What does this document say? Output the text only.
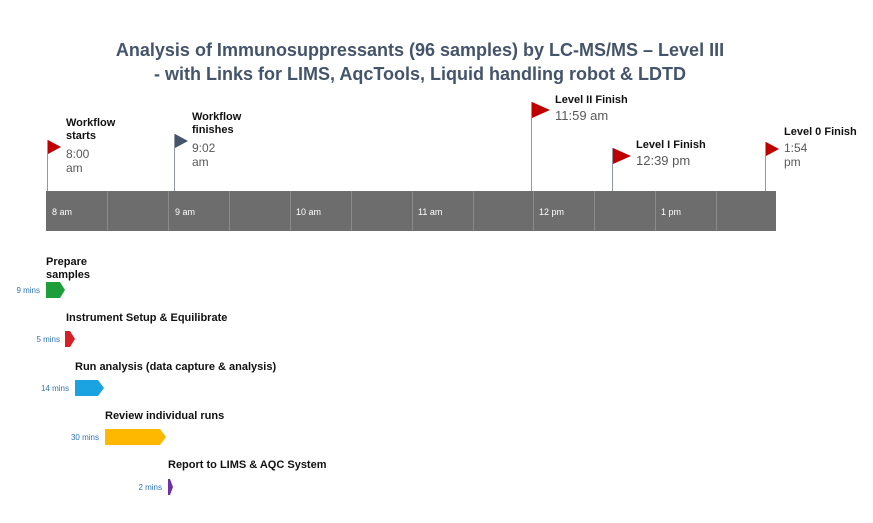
Analysis of Immunosuppressants (96 samples) by LC-MS/MS – Level III
- with Links for LIMS, AqcTools, Liquid handling robot & LDTD
Workflow
starts
8:00
am
Workflow
finishes
9:02
am
Level II Finish
11:59 am
Level I Finish
12:39 pm
Level 0 Finish
1:54
pm
8 am	9 am	10 am	11 am	12 pm	1 pm
Prepare
samples
9 mins
Instrument Setup & Equilibrate
5 mins
Run analysis (data capture & analysis)
14 mins
Review individual runs
30 mins
Report to LIMS & AQC System
2 mins
